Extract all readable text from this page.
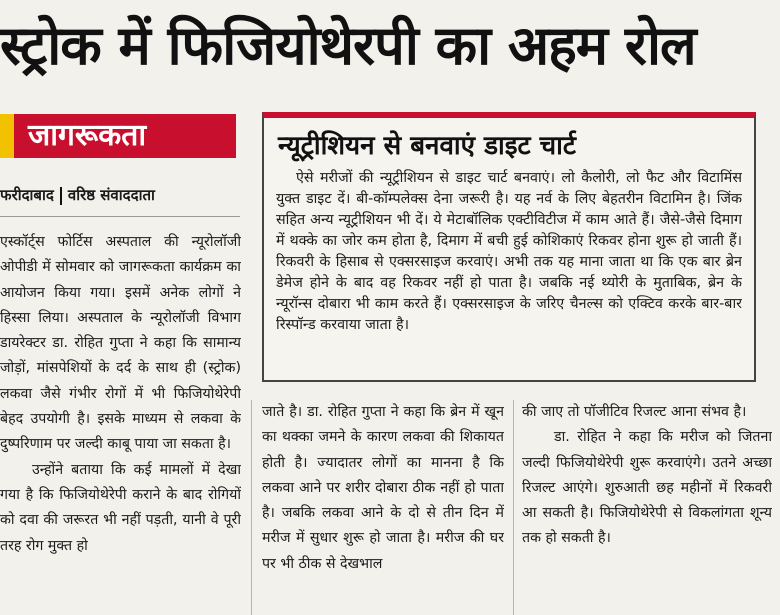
स्ट्रोक में फिजियोथेरपी का अहम रोल
जागरूकता
फरीदाबाद वरिष्ठ संवाददाता

एस्कॉर्ट्स फोर्टिस अस्पताल की न्यूरोलॉजी ओपीडी में सोमवार को जागरूकता कार्यक्रम का आयोजन किया गया। इसमें अनेक लोगों ने हिस्सा लिया। अस्पताल के न्यूरोलॉजी विभाग डायरेक्टर डा. रोहित गुप्ता ने कहा कि सामान्य जोड़ों, मांसपेशियों के दर्द के साथ ही (स्ट्रोक) लकवा जैसे गंभीर रोगों में भी फिजियोथेरेपी बेहद उपयोगी है। इसके माध्यम से लकवा के दुष्परिणाम पर जल्दी काबू पाया जा सकता है।

उन्होंने बताया कि कई मामलों में देखा गया है कि फिजियोथेरेपी कराने के बाद रोगियों को दवा की जरूरत भी नहीं पड़ती, यानी वे पूरी तरह रोग मुक्त हो

न्यूट्रीशियन से बनवाएं डाइट चार्ट

ऐसे मरीजों की न्यूट्रीशियन से डाइट चार्ट बनवाएं। लो कैलोरी, लो फैट और विटामिंस युक्त डाइट दें। बी-कॉम्पलेक्स देना जरूरी है। यह नर्व के लिए बेहतरीन विटामिन है। जिंक सहित अन्य न्यूट्रीशियन भी दें। ये मेटाबॉलिक एक्टीविटीज में काम आते हैं। जैसे-जैसे दिमाग में थक्के का जोर कम होता है, दिमाग में बची हुई कोशिकाएं रिकवर होना शुरू हो जाती हैं। रिकवरी के हिसाब से एक्सरसाइज करवाएं। अभी तक यह माना जाता था कि एक बार ब्रेन डेमेज होने के बाद वह रिकवर नहीं हो पाता है। जबकि नई थ्योरी के मुताबिक, ब्रेन के न्यूरॉन्स दोबारा भी काम करते हैं। एक्सरसाइज के जरिए चैनल्स को एक्टिव करके बार-बार रिस्पॉन्ड करवाया जाता है।

जाते है। डा. रोहित गुप्ता ने कहा कि ब्रेन में खून का थक्का जमने के कारण लकवा की शिकायत होती है। ज्यादातर लोगों का मानना है कि लकवा आने पर शरीर दोबारा ठीक नहीं हो पाता है। जबकि लकवा आने के दो से तीन दिन में मरीज में सुधार शुरू हो जाता है। मरीज की घर पर भी ठीक से देखभाल

की जाए तो पॉजीटिव रिजल्ट आना संभव है।

डा. रोहित ने कहा कि मरीज को जितना जल्दी फिजियोथेरेपी शुरू करवाएंगे। उतने अच्छा रिजल्ट आएंगे। शुरुआती छह महीनों में रिकवरी आ सकती है। फिजियोथेरेपी से विकलांगता शून्य तक हो सकती है।
